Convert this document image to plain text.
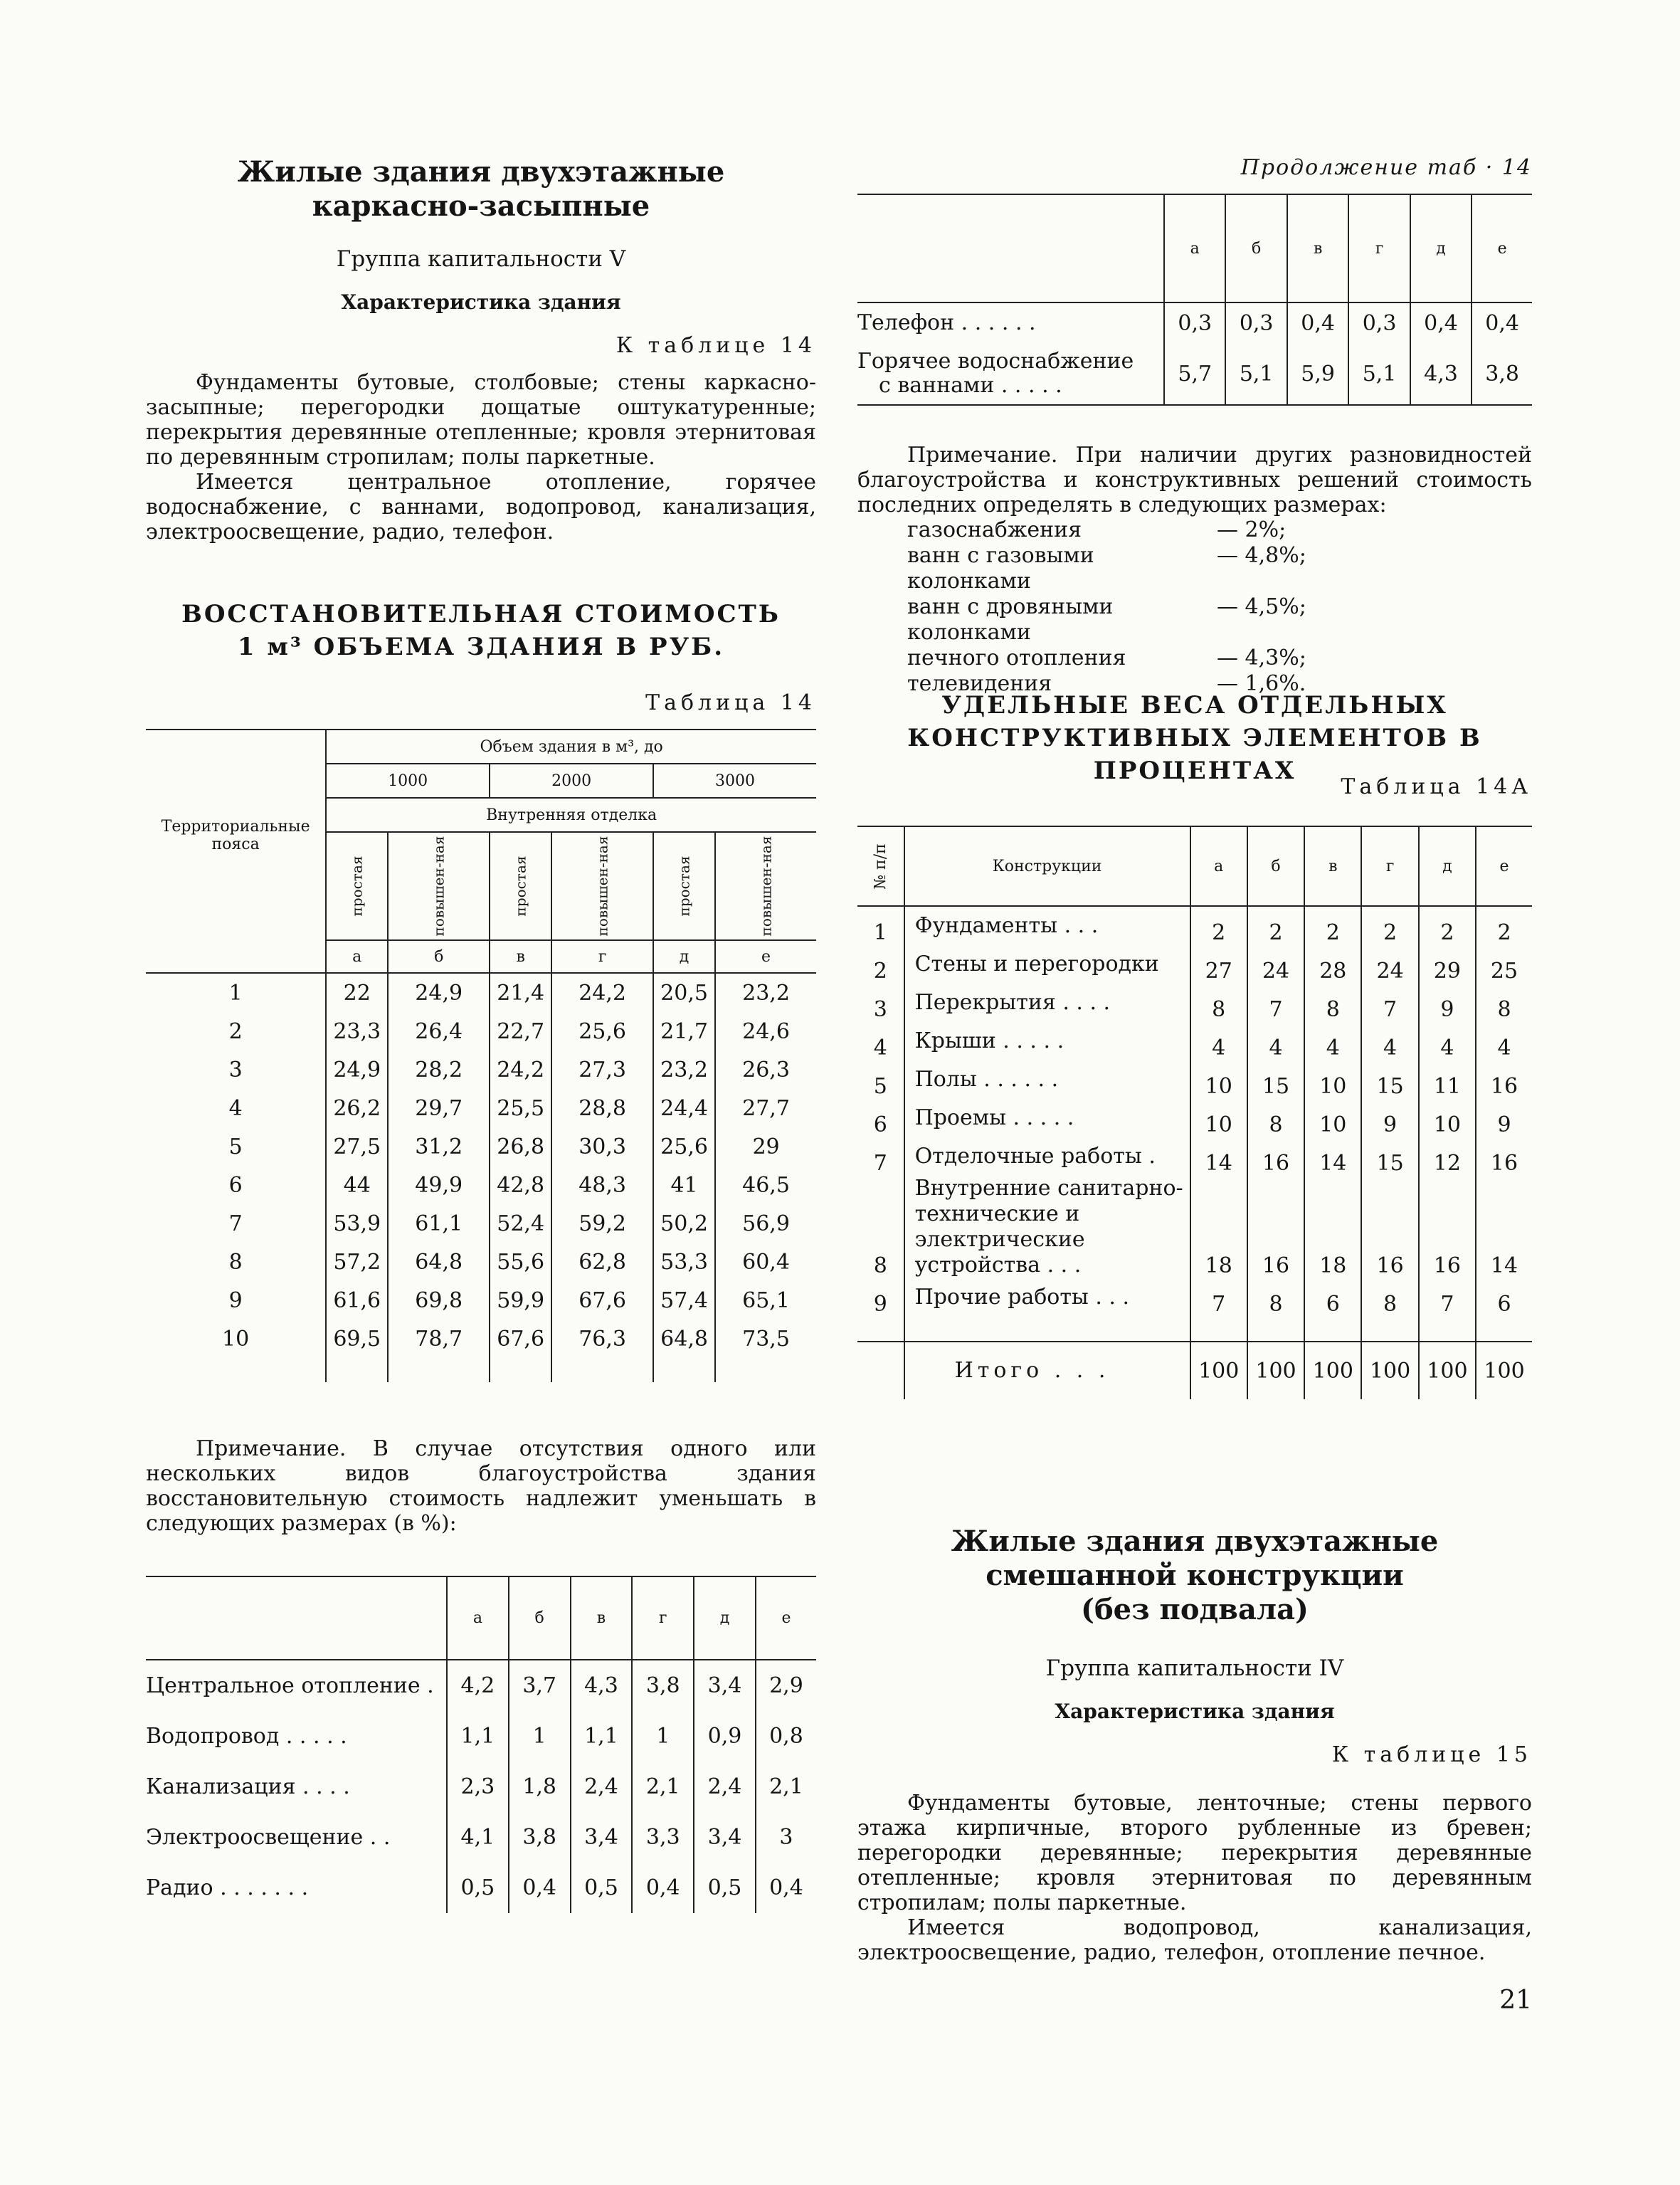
Жилые здания двухэтажные
каркасно-засыпные
Группа капитальности V
Характеристика здания
К таблице 14

Фундаменты бутовые, столбовые; стены каркасно-засыпные; перегородки дощатые оштукатуренные; перекрытия деревянные отепленные; кровля этернитовая по деревянным стропилам; полы паркетные.

Имеется центральное отопление, горячее водоснабжение, с ваннами, водопровод, канализация, электроосвещение, радио, телефон.

ВОССТАНОВИТЕЛЬНАЯ СТОИМОСТЬ
1 м³ ОБЪЕМА ЗДАНИЯ В РУБ.
Таблица 14
Территориальные пояса	Объем здания в м³, до					
	1000		2000		3000	
	Внутренняя отделка					
	простая	повышен-ная	простая	повышен-ная	простая	повышен-ная
	а	б	в	г	д	е
1	22	24,9	21,4	24,2	20,5	23,2
2	23,3	26,4	22,7	25,6	21,7	24,6
3	24,9	28,2	24,2	27,3	23,2	26,3
4	26,2	29,7	25,5	28,8	24,4	27,7
5	27,5	31,2	26,8	30,3	25,6	29
6	44	49,9	42,8	48,3	41	46,5
7	53,9	61,1	52,4	59,2	50,2	56,9
8	57,2	64,8	55,6	62,8	53,3	60,4
9	61,6	69,8	59,9	67,6	57,4	65,1
10	69,5	78,7	67,6	76,3	64,8	73,5

Примечание. В случае отсутствия одного или нескольких видов благоустройства здания восстановительную стоимость надлежит уменьшать в следующих размерах (в %):

	а	б	в	г	д	е
Центральное отопление .	4,2	3,7	4,3	3,8	3,4	2,9
Водопровод . . . . .	1,1	1	1,1	1	0,9	0,8
Канализация . . . .	2,3	1,8	2,4	2,1	2,4	2,1
Электроосвещение . .	4,1	3,8	3,4	3,3	3,4	3
Радио . . . . . . .	0,5	0,4	0,5	0,4	0,5	0,4
Продолжение таб · 14
	а	б	в	г	д	е

Телефон . . . . . .	0,3	0,3	0,4	0,3	0,4	0,4

Горячее водоснабжение
с ваннами . . . . .	5,7	5,1	5,9	5,1	4,3	3,8

Примечание. При наличии других разновидностей благоустройства и конструктивных решений стоимость последних определять в следующих размерах:

газоснабжения	— 2%;
ванн с газовыми колонками
— 4,8%;
ванн с дровяными колонками
— 4,5%;
печного отопления	— 4,3%;
телевидения	— 1,6%.
УДЕЛЬНЫЕ ВЕСА ОТДЕЛЬНЫХ
КОНСТРУКТИВНЫХ ЭЛЕМЕНТОВ В ПРОЦЕНТАХ
Таблица 14А
№ п/п	Конструкции	а	б	в	г	д	е
1	Фундаменты . . .	2	2	2	2	2	2
2	Стены и перегородки	27	24	28	24	29	25
3	Перекрытия . . . .	8	7	8	7	9	8
4	Крыши . . . . .	4	4	4	4	4	4
5	Полы . . . . . .	10	15	10	15	11	16
6	Проемы . . . . .	10	8	10	9	10	9
7	Отделочные работы .	14	16	14	15	12	16
8	Внутренние санитарно-технические и электрические устройства . . .	18	16	18	16	16	14
9	Прочие работы . . .	7	8	6	8	7	6

	Итого . . .	100	100	100	100	100	100
Жилые здания двухэтажные
смешанной конструкции
(без подвала)
Группа капитальности IV
Характеристика здания
К таблице 15

Фундаменты бутовые, ленточные; стены первого этажа кирпичные, второго рубленные из бревен; перегородки деревянные; перекрытия деревянные отепленные; кровля этернитовая по деревянным стропилам; полы паркетные.

Имеется водопровод, канализация, электроосвещение, радио, телефон, отопление печное.

21
